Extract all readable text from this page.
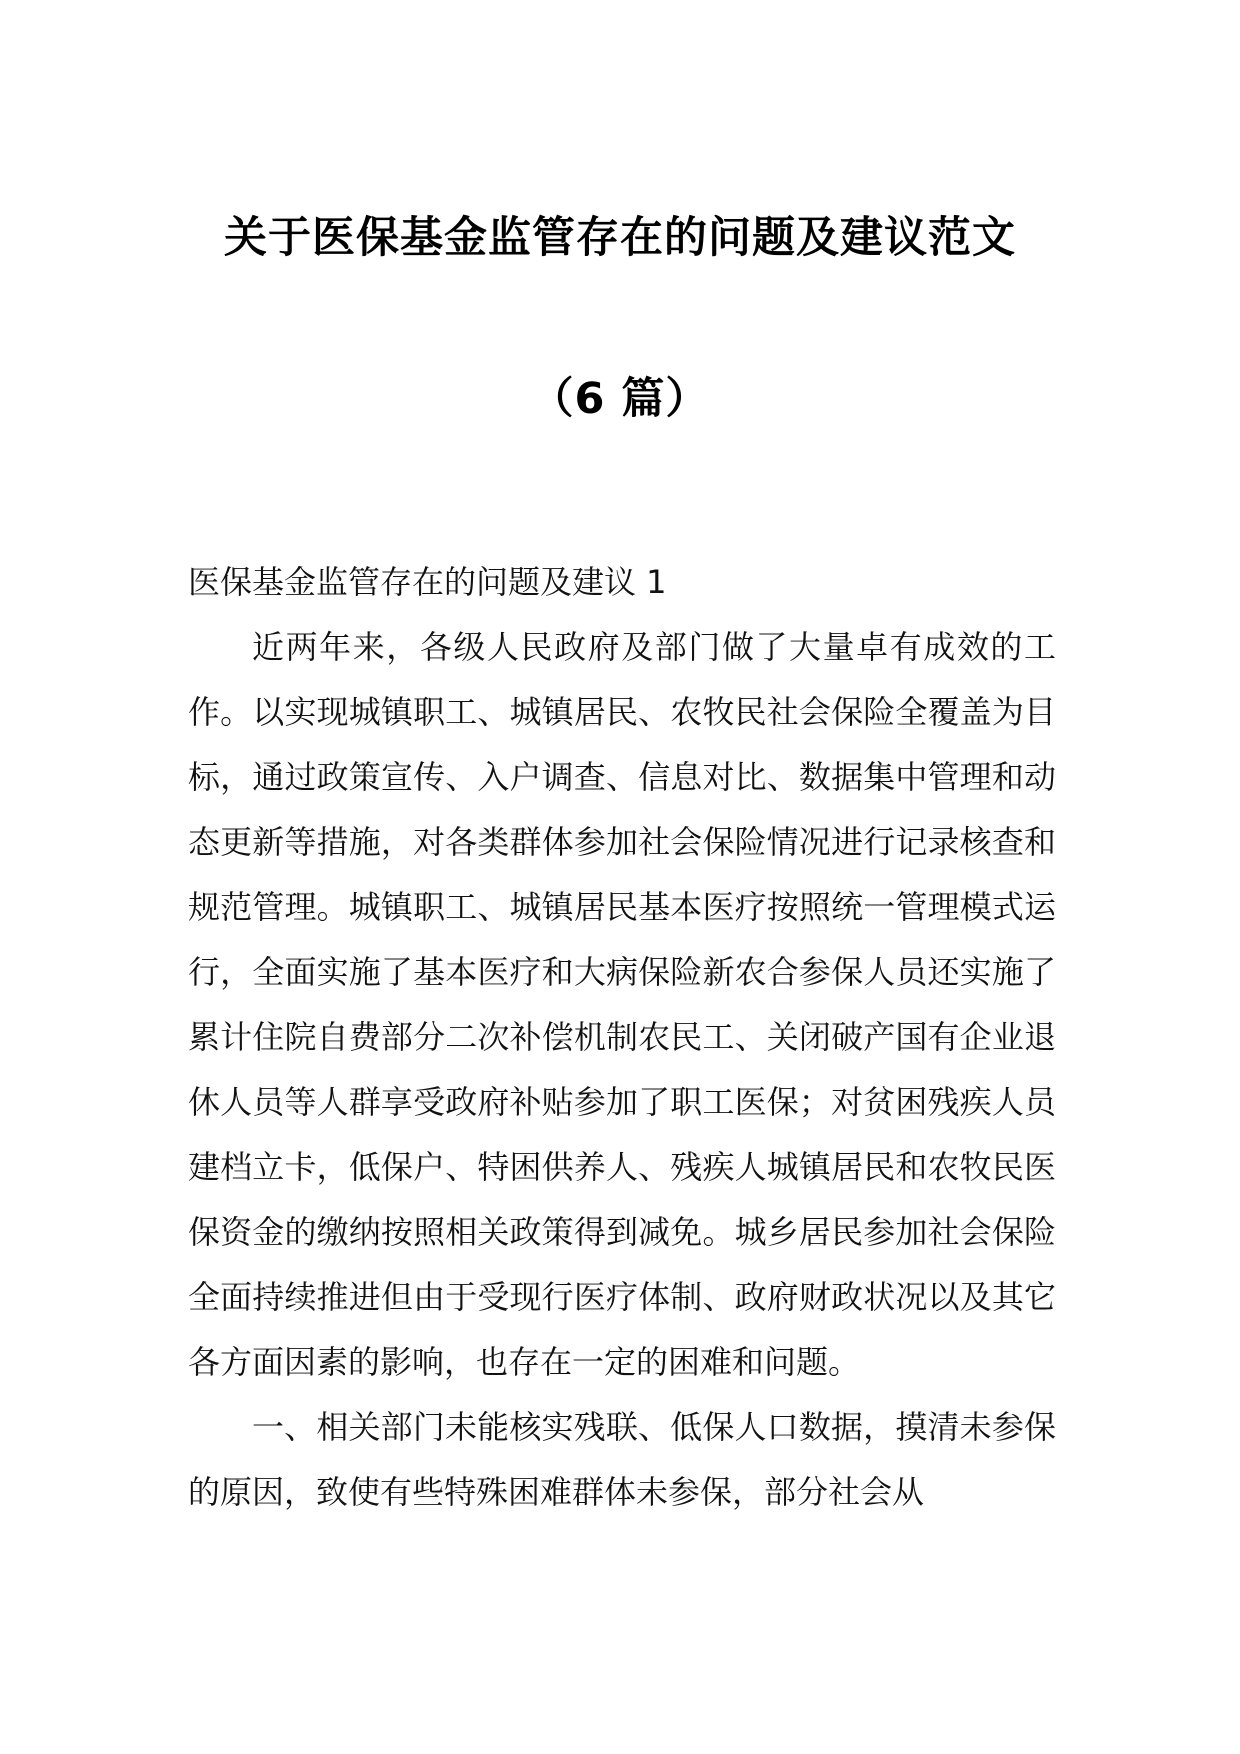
关于医保基金监管存在的问题及建议范文
（6 篇）

医保基金监管存在的问题及建议 1

近两年来，各级人民政府及部门做了大量卓有成效的工作。以实现城镇职工、城镇居民、农牧民社会保险全覆盖为目标，通过政策宣传、入户调查、信息对比、数据集中管理和动态更新等措施，对各类群体参加社会保险情况进行记录核查和规范管理。城镇职工、城镇居民基本医疗按照统一管理模式运行，全面实施了基本医疗和大病保险新农合参保人员还实施了累计住院自费部分二次补偿机制农民工、关闭破产国有企业退休人员等人群享受政府补贴参加了职工医保；对贫困残疾人员建档立卡，低保户、特困供养人、残疾人城镇居民和农牧民医保资金的缴纳按照相关政策得到减免。城乡居民参加社会保险全面持续推进但由于受现行医疗体制、政府财政状况以及其它各方面因素的影响，也存在一定的困难和问题。

一、相关部门未能核实残联、低保人口数据，摸清未参保的原因，致使有些特殊困难群体未参保，部分社会从
